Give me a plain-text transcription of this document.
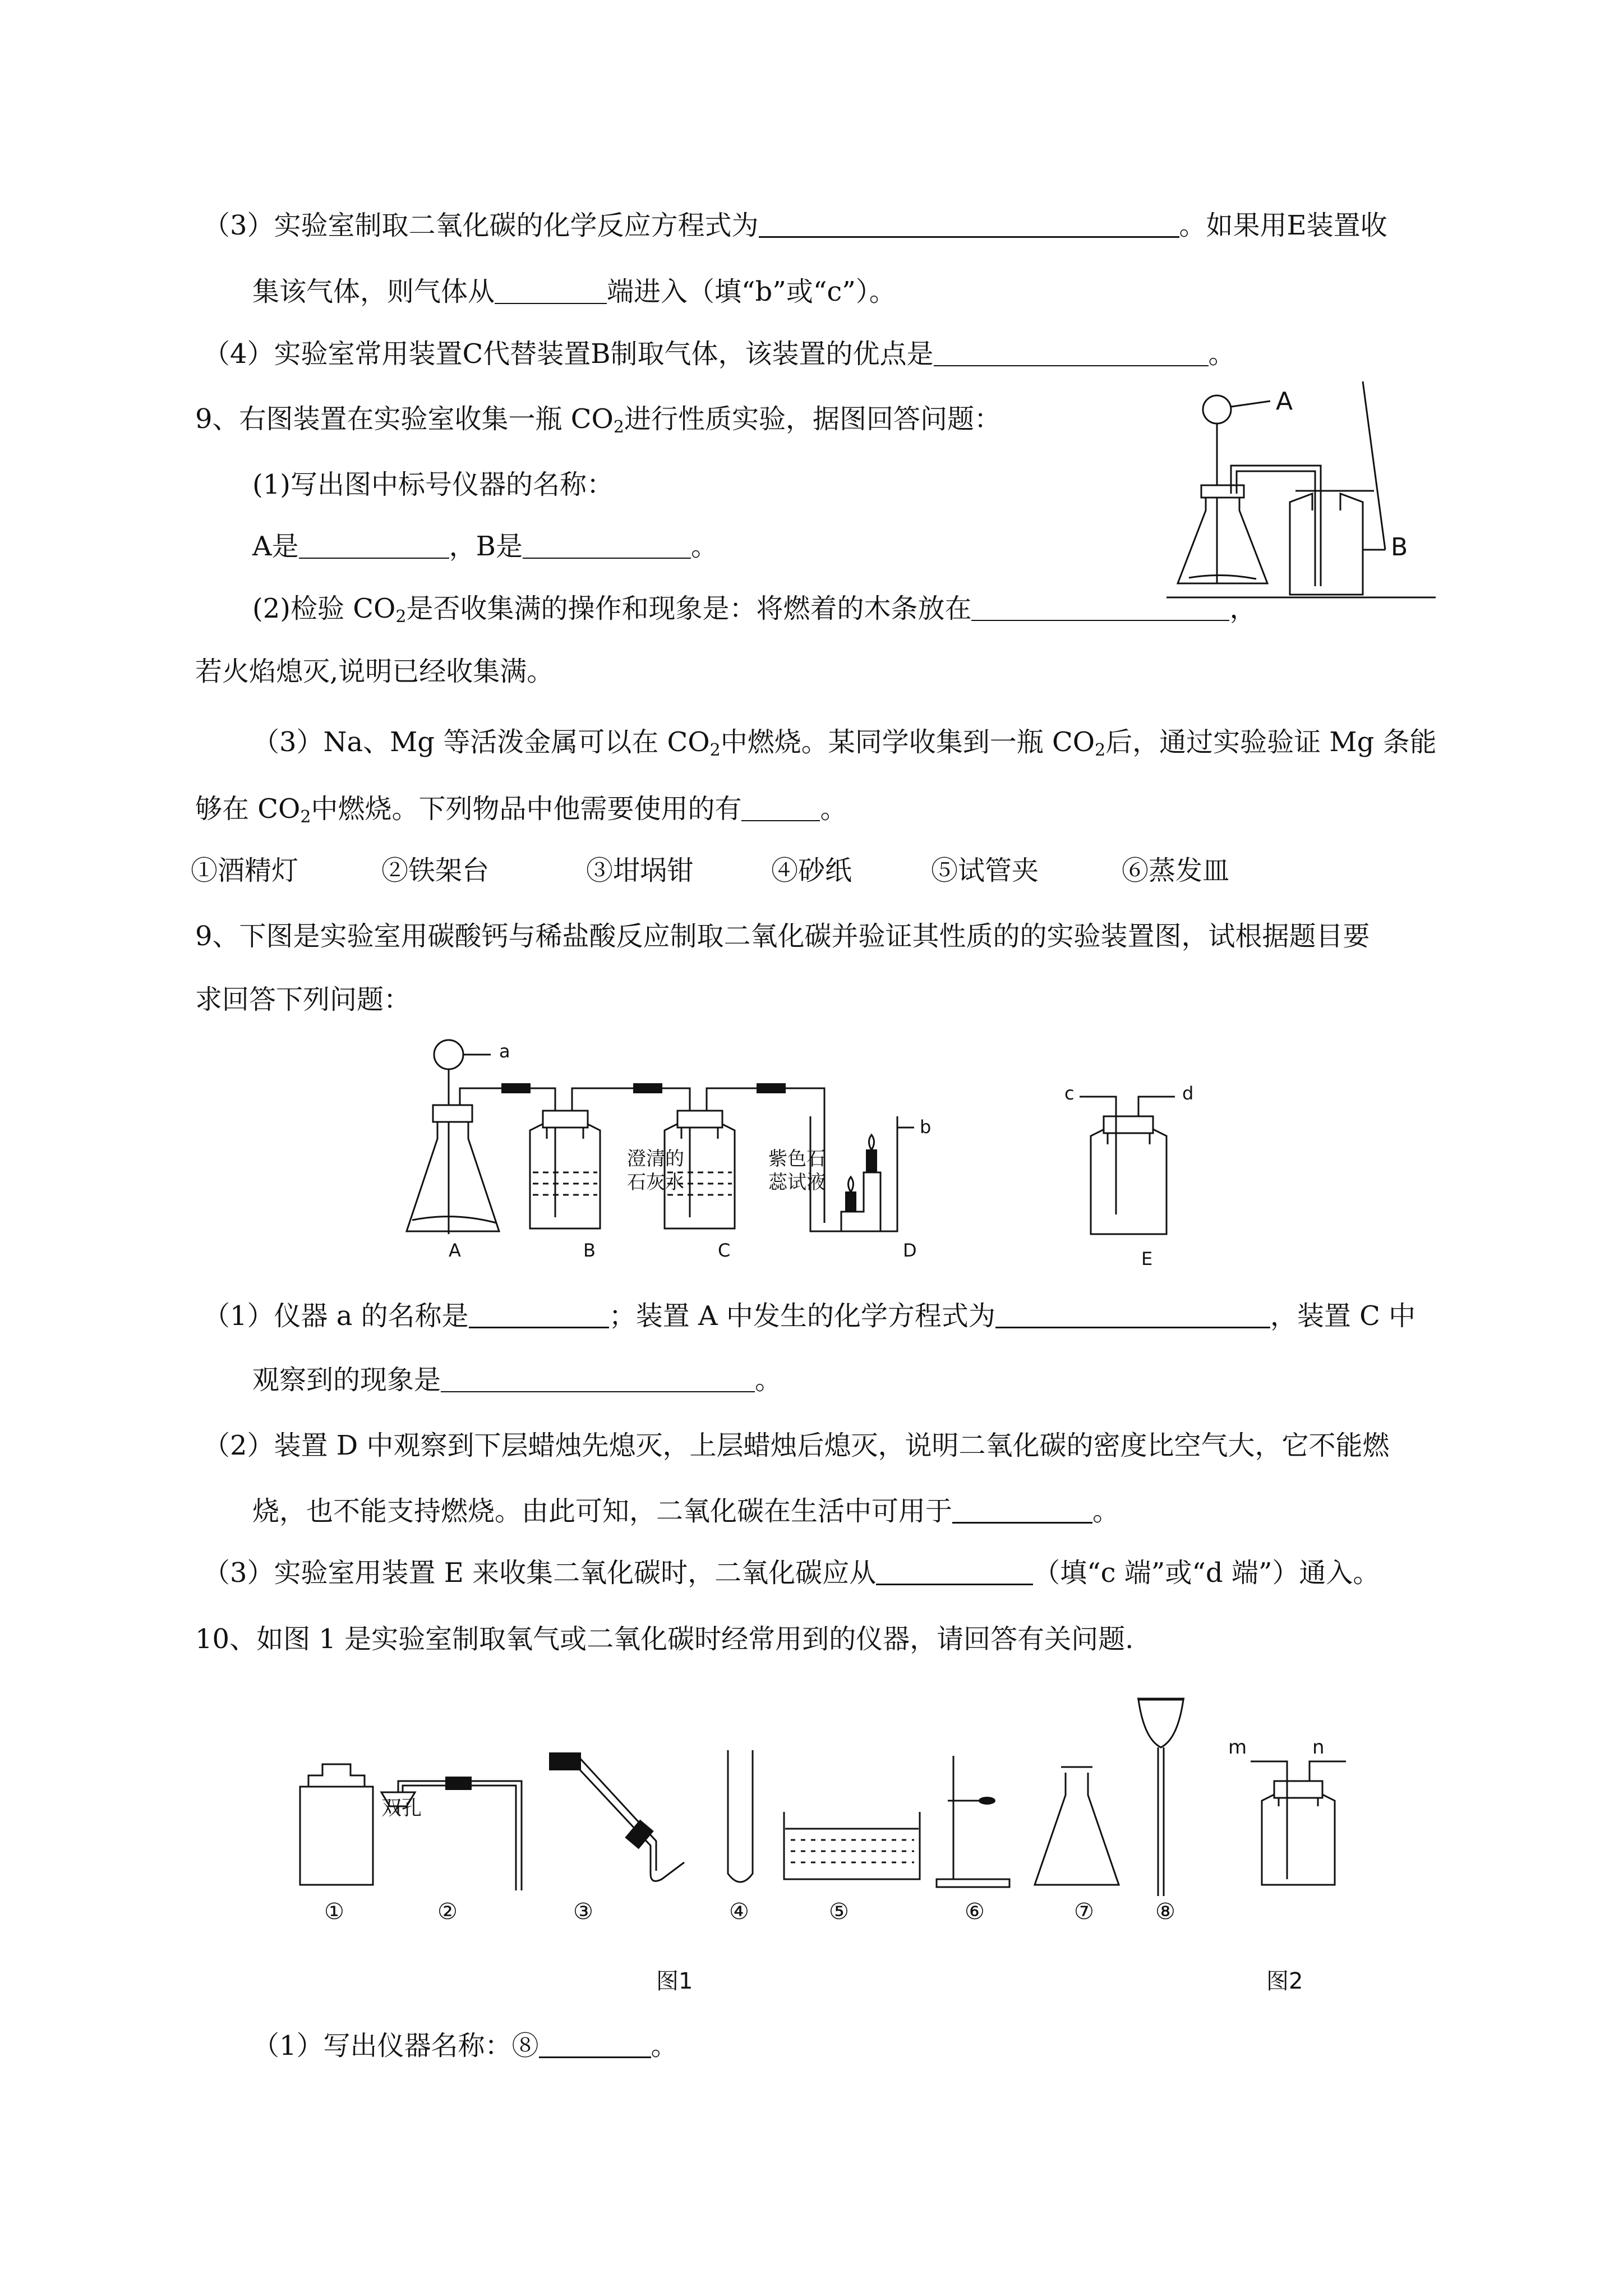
（3）实验室制取二氧化碳的化学反应方程式为	。如果用E装置收
集该气体，则气体从	端进入（填“b”或“c”）。
（4）实验室常用装置C代替装置B制取气体，该装置的优点是	。
9、右图装置在实验室收集一瓶 $CO_2$进行性质实验，据图回答问题：
(1)写出图中标号仪器的名称：
A是	，B是	。
(2)检验 $CO_2$是否收集满的操作和现象是：将燃着的木条放在	，
若火焰熄灭,说明已经收集满。
（3）Na、Mg 等活泼金属可以在 $CO_2$中燃烧。某同学收集到一瓶 $CO_2$后，通过实验验证 Mg 条能
够在 $CO_2$中燃烧。下列物品中他需要使用的有	。
①酒精灯	②铁架台	③坩埚钳	④砂纸	⑤试管夹	⑥蒸发皿
A
B
9、下图是实验室用碳酸钙与稀盐酸反应制取二氧化碳并验证其性质的的实验装置图，试根据题目要
求回答下列问题：
a
b
c	d
A	B	C	D	E
澄清的
石灰水
紫色石
蕊试液
（1）仪器 a 的名称是	；装置 A 中发生的化学方程式为	，装置 C 中
观察到的现象是	。
（2）装置 D 中观察到下层蜡烛先熄灭，上层蜡烛后熄灭，说明二氧化碳的密度比空气大，它不能燃
烧，也不能支持燃烧。由此可知，二氧化碳在生活中可用于	。
（3）实验室用装置 E 来收集二氧化碳时，二氧化碳应从	（填“c 端”或“d 端”）通入。
10、如图 1 是实验室制取氧气或二氧化碳时经常用到的仪器，请回答有关问题.
双孔
m	n
①	②	③	④	⑤	⑥	⑦	⑧
图1	图2
（1）写出仪器名称：⑧	。
